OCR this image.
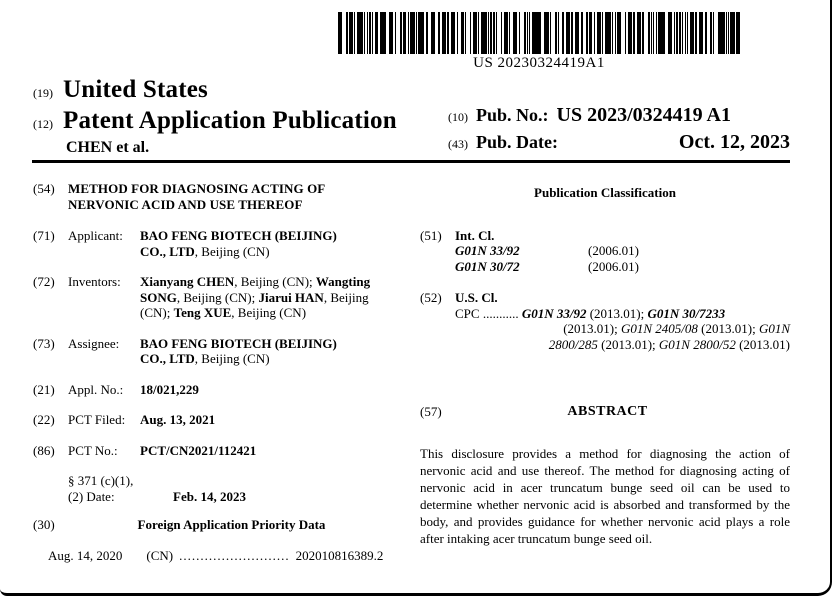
US 20230324419A1
(19) United States
(12) Patent Application Publication
CHEN et al.
(10) Pub. No.: US 2023/0324419 A1
(43) Pub. Date:	Oct. 12, 2023
(54)	METHOD FOR DIAGNOSING ACTING OF NERVONIC ACID AND USE THEREOF
(71)	Applicant:	BAO FENG BIOTECH (BEIJING) CO., LTD, Beijing (CN)
(72)	Inventors:	Xianyang CHEN, Beijing (CN); Wangting SONG, Beijing (CN); Jiarui HAN, Beijing (CN); Teng XUE, Beijing (CN)
(73)	Assignee:	BAO FENG BIOTECH (BEIJING) CO., LTD, Beijing (CN)
(21)	Appl. No.:	18/021,229
(22)	PCT Filed:	Aug. 13, 2021
(86)	PCT No.:	PCT/CN2021/112421
§ 371 (c)(1),
(2) Date:	Feb. 14, 2023
(30)	Foreign Application Priority Data
Aug. 14, 2020 (CN) .......................... 202010816389.2
Publication Classification
(51)	Int. Cl.
G01N 33/92	(2006.01)
G01N 30/72	(2006.01)
(52)	U.S. Cl.
CPC ........... G01N 33/92 (2013.01); G01N 30/7233
(2013.01); G01N 2405/08 (2013.01); G01N
2800/285 (2013.01); G01N 2800/52 (2013.01)
(57)	ABSTRACT
This disclosure provides a method for diagnosing the action of nervonic acid and use thereof. The method for diagnosing acting of nervonic acid in acer truncatum bunge seed oil can be used to determine whether nervonic acid is absorbed and transformed by the body, and provides guidance for whether nervonic acid plays a role after intaking acer truncatum bunge seed oil.
